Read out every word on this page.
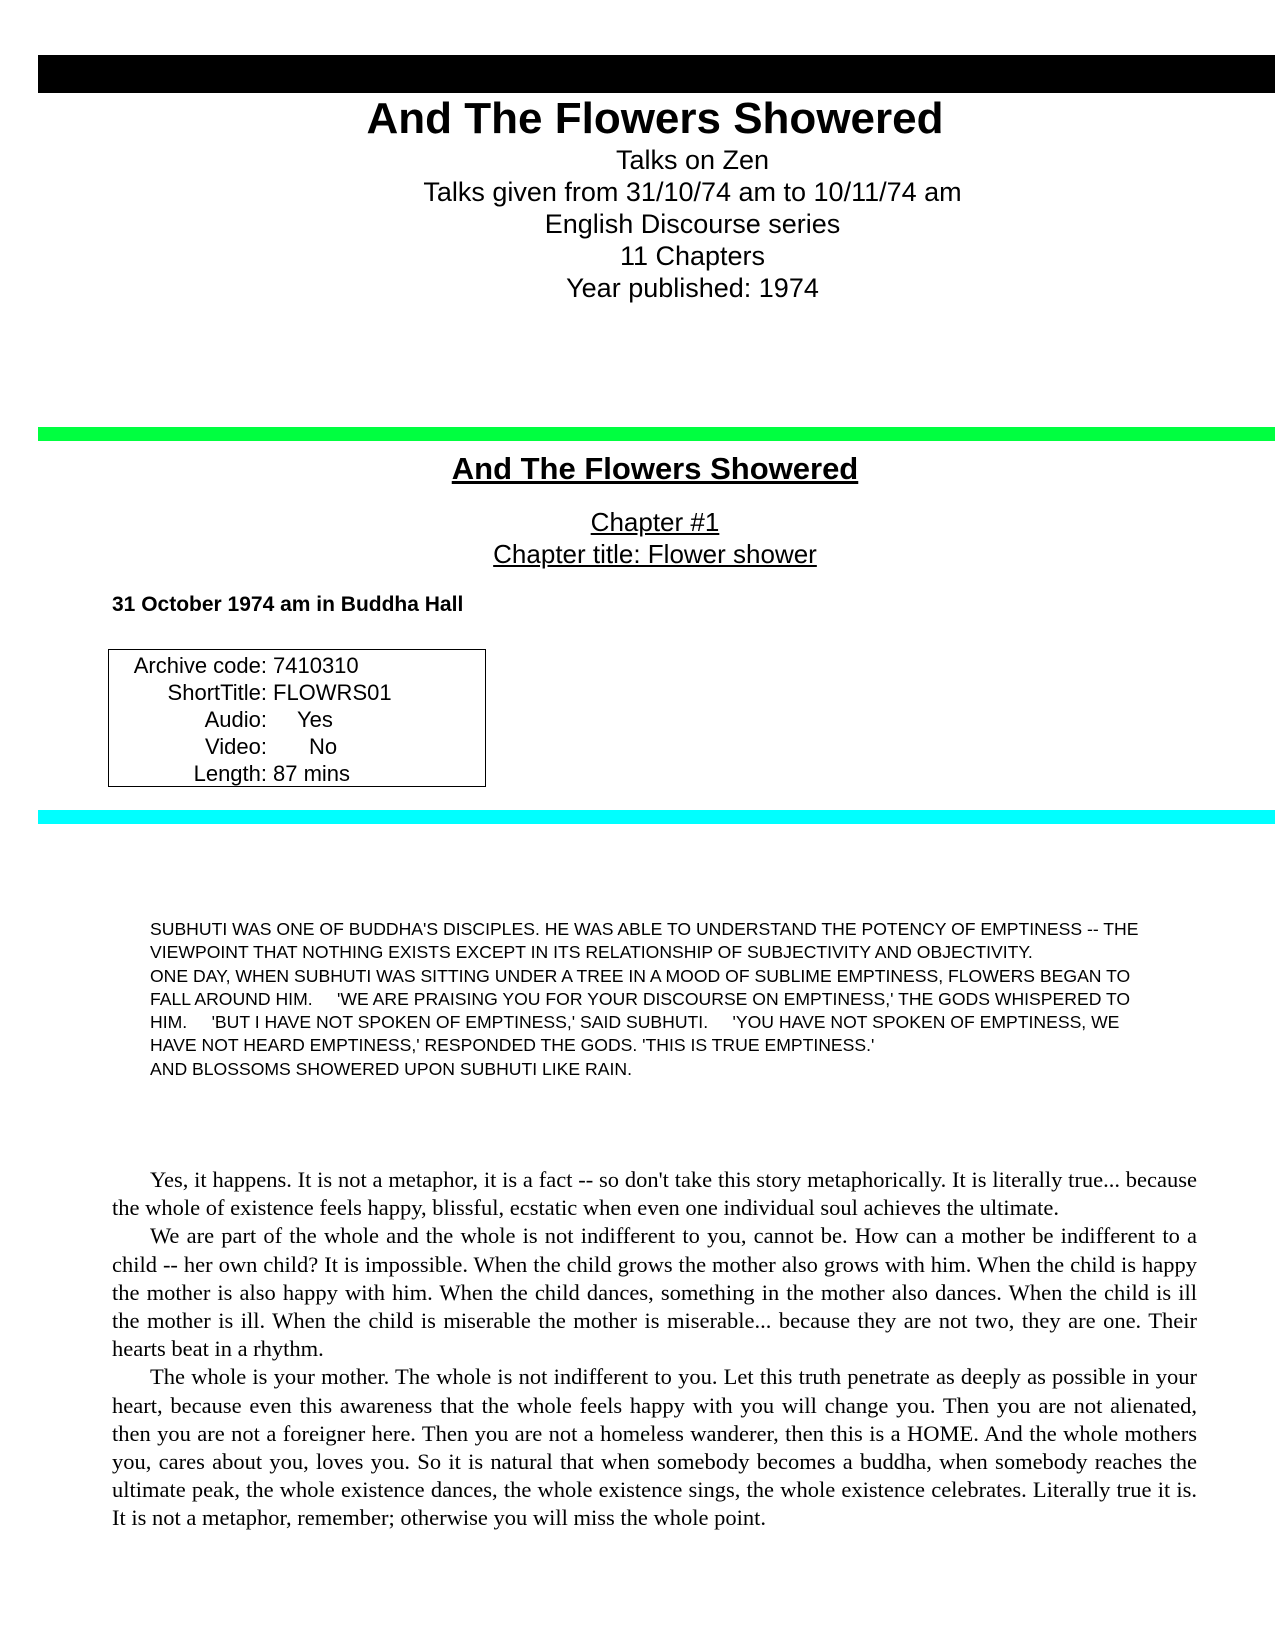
And The Flowers Showered
Talks on Zen
Talks given from 31/10/74 am to 10/11/74 am
English Discourse series
11 Chapters
Year published: 1974
And The Flowers Showered
Chapter #1
Chapter title: Flower shower
31 October 1974 am in Buddha Hall
Archive code: 7410310
ShortTitle: FLOWRS01
Audio:	Yes
Video:	No
Length: 87 mins

SUBHUTI WAS ONE OF BUDDHA'S DISCIPLES. HE WAS ABLE TO UNDERSTAND THE POTENCY OF EMPTINESS -- THE VIEWPOINT THAT NOTHING EXISTS EXCEPT IN ITS RELATIONSHIP OF SUBJECTIVITY AND OBJECTIVITY.

ONE DAY, WHEN SUBHUTI WAS SITTING UNDER A TREE IN A MOOD OF SUBLIME EMPTINESS, FLOWERS BEGAN TO FALL AROUND HIM.     'WE ARE PRAISING YOU FOR YOUR DISCOURSE ON EMPTINESS,' THE GODS WHISPERED TO HIM.     'BUT I HAVE NOT SPOKEN OF EMPTINESS,' SAID SUBHUTI.     'YOU HAVE NOT SPOKEN OF EMPTINESS, WE HAVE NOT HEARD EMPTINESS,' RESPONDED THE GODS. 'THIS IS TRUE EMPTINESS.'

AND BLOSSOMS SHOWERED UPON SUBHUTI LIKE RAIN.

Yes, it happens. It is not a metaphor, it is a fact -- so don't take this story metaphorically. It is literally true... because the whole of existence feels happy, blissful, ecstatic when even one individual soul achieves the ultimate.

We are part of the whole and the whole is not indifferent to you, cannot be. How can a mother be indifferent to a child -- her own child? It is impossible. When the child grows the mother also grows with him. When the child is happy the mother is also happy with him. When the child dances, something in the mother also dances. When the child is ill the mother is ill. When the child is miserable the mother is miserable... because they are not two, they are one. Their hearts beat in a rhythm.

The whole is your mother. The whole is not indifferent to you. Let this truth penetrate as deeply as possible in your heart, because even this awareness that the whole feels happy with you will change you. Then you are not alienated, then you are not a foreigner here. Then you are not a homeless wanderer, then this is a HOME. And the whole mothers you, cares about you, loves you. So it is natural that when somebody becomes a buddha, when somebody reaches the ultimate peak, the whole existence dances, the whole existence sings, the whole existence celebrates. Literally true it is. It is not a metaphor, remember; otherwise you will miss the whole point.
